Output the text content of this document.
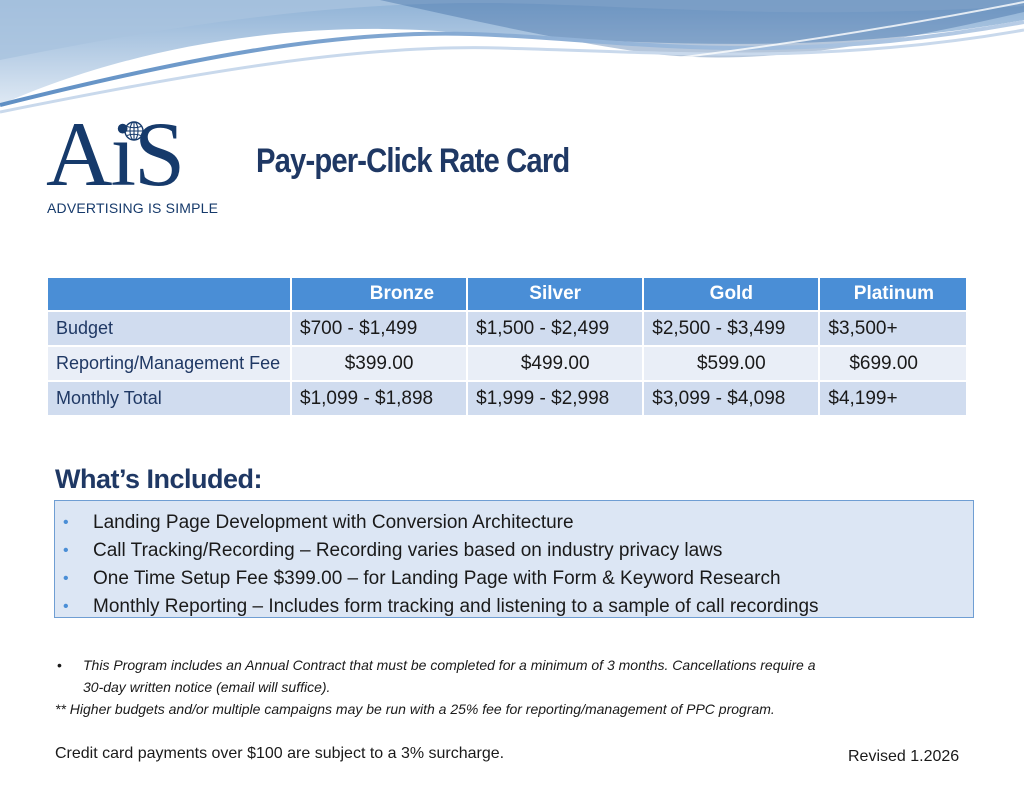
AiS
ADVERTISING IS SIMPLE
Pay-per-Click Rate Card
	Bronze	Silver	Gold	Platinum
Budget	$700 - $1,499	$1,500 - $2,499	$2,500 - $3,499	$3,500+
Reporting/Management Fee	$399.00	$499.00	$599.00	$699.00
Monthly Total	$1,099 - $1,898	$1,999 - $2,998	$3,099 - $4,098	$4,199+
What’s Included:
• Landing Page Development with Conversion Architecture
• Call Tracking/Recording – Recording varies based on industry privacy laws
• One Time Setup Fee $399.00 – for Landing Page with Form & Keyword Research
• Monthly Reporting – Includes form tracking and listening to a sample of call recordings
• This Program includes an Annual Contract that must be completed for a minimum of 3 months. Cancellations require a
30-day written notice (email will suffice).
** Higher budgets and/or multiple campaigns may be run with a 25% fee for reporting/management of PPC program.
Credit card payments over $100 are subject to a 3% surcharge.	Revised 1.2026
